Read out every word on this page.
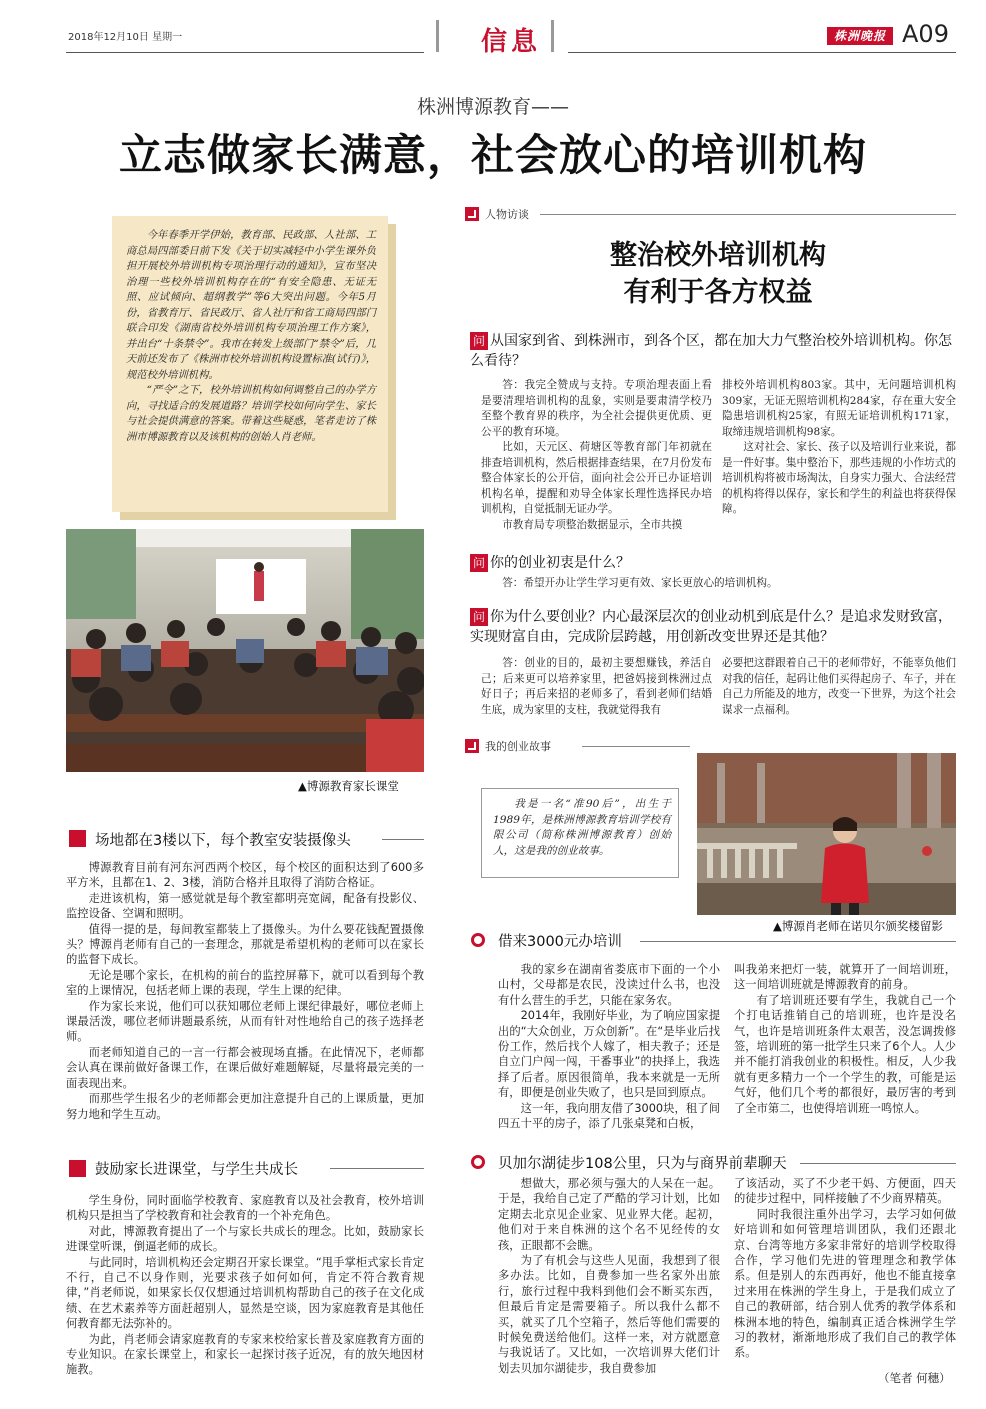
2018年12月10日 星期一	信息	株洲晚报 A09
株洲博源教育——
立志做家长满意，社会放心的培训机构

今年春季开学伊始，教育部、民政部、人社部、工商总局四部委日前下发《关于切实减轻中小学生课外负担开展校外培训机构专项治理行动的通知》，宣布坚决治理一些校外培训机构存在的“有安全隐患、无证无照、应试倾向、超纲教学”等6大突出问题。今年5月份，省教育厅、省民政厅、省人社厅和省工商局四部门联合印发《湖南省校外培训机构专项治理工作方案》，并出台“十条禁令”。我市在转发上级部门“禁令”后，几天前还发布了《株洲市校外培训机构设置标准(试行)》，规范校外培训机构。

“严令”之下，校外培训机构如何调整自己的办学方向，寻找适合的发展道路？培训学校如何向学生、家长与社会提供满意的答案。带着这些疑惑，笔者走访了株洲市博源教育以及该机构的创始人肖老师。

▲博源教育家长课堂
人物访谈
整治校外培训机构
有利于各方权益
问 从国家到省、到株洲市，到各个区，都在加大力气整治校外培训机构。你怎么看待？

答：我完全赞成与支持。专项治理表面上看是要清理培训机构的乱象，实则是要肃清学校乃至整个教育界的秩序，为全社会提供更优质、更公平的教育环境。

比如，天元区、荷塘区等教育部门年初就在排查培训机构，然后根据排查结果，在7月份发布整合体家长的公开信，面向社会公开已办证培训机构名单，提醒和劝导全体家长理性选择民办培训机构，自觉抵制无证办学。

市教育局专项整治数据显示，全市共摸

排校外培训机构803家。其中，无问题培训机构309家，无证无照培训机构284家，存在重大安全隐患培训机构25家，有照无证培训机构171家，取缔违规培训机构98家。

这对社会、家长、孩子以及培训行业来说，都是一件好事。集中整治下，那些违规的小作坊式的培训机构将被市场淘汰，自身实力强大、合法经营的机构将得以保存，家长和学生的利益也将获得保障。

问 你的创业初衷是什么？

答：希望开办让学生学习更有效、家长更放心的培训机构。

问 你为什么要创业？内心最深层次的创业动机到底是什么？是追求发财致富，实现财富自由，完成阶层跨越，用创新改变世界还是其他？

答：创业的目的，最初主要想赚钱，养活自己；后来更可以培养家里，把爸妈接到株洲过点好日子；再后来招的老师多了，看到老师们结婚生底，成为家里的支柱，我就觉得我有

必要把这群跟着自己干的老师带好，不能辜负他们对我的信任，起码让他们买得起房子、车子，并在自己力所能及的地方，改变一下世界，为这个社会谋求一点福利。

我的创业故事

我是一名“准90后”，出生于1989年，是株洲博源教育培训学校有限公司（简称株洲博源教育）创始人，这是我的创业故事。

▲博源肖老师在诺贝尔颁奖楼留影
场地都在3楼以下，每个教室安装摄像头

博源教育目前有河东河西两个校区，每个校区的面积达到了600多平方米，且都在1、2、3楼，消防合格并且取得了消防合格证。

走进该机构，第一感觉就是每个教室都明亮宽阔，配备有投影仪、监控设备、空调和照明。

值得一提的是，每间教室都装上了摄像头。为什么要花钱配置摄像头？博源肖老师有自己的一套理念，那就是希望机构的老师可以在家长的监督下成长。

无论是哪个家长，在机构的前台的监控屏幕下，就可以看到每个教室的上课情况，包括老师上课的表现，学生上课的纪律。

作为家长来说，他们可以获知哪位老师上课纪律最好，哪位老师上课最活泼，哪位老师讲题最系统，从而有针对性地给自己的孩子选择老师。

而老师知道自己的一言一行都会被现场直播。在此情况下，老师都会认真在课前做好备课工作，在课后做好难题解疑，尽量将最完美的一面表现出来。

而那些学生报名少的老师都会更加注意提升自己的上课质量，更加努力地和学生互动。

鼓励家长进课堂，与学生共成长

学生身份，同时面临学校教育、家庭教育以及社会教育，校外培训机构只是担当了学校教育和社会教育的一个补充角色。

对此，博源教育提出了一个与家长共成长的理念。比如，鼓励家长进课堂听课，倒逼老师的成长。

与此同时，培训机构还会定期召开家长课堂。“甩手掌柜式家长肯定不行，自己不以身作则，光要求孩子如何如何，肯定不符合教育规律，”肖老师说，如果家长仅仅想通过培训机构帮助自己的孩子在文化成绩、在艺术素养等方面赶超别人，显然是空谈，因为家庭教育是其他任何教育都无法弥补的。

为此，肖老师会请家庭教育的专家来校给家长普及家庭教育方面的专业知识。在家长课堂上，和家长一起探讨孩子近况，有的放矢地因材施教。

借来3000元办培训

我的家乡在湖南省娄底市下面的一个小山村，父母都是农民，没读过什么书，也没有什么营生的手艺，只能在家务农。

2014年，我刚好毕业，为了响应国家提出的“大众创业，万众创新”。在“是毕业后找份工作，然后找个人嫁了，相夫教子；还是自立门户闯一闯，干番事业”的抉择上，我选择了后者。原因很简单，我本来就是一无所有，即便是创业失败了，也只是回到原点。

这一年，我向朋友借了3000块，租了间四五十平的房子，添了几张桌凳和白板，

叫我弟来把灯一装，就算开了一间培训班，这一间培训班就是博源教育的前身。

有了培训班还要有学生，我就自己一个个打电话推销自己的培训班，也许是没名气，也许是培训班条件太艰苦，没怎调拨修签，培训班的第一批学生只来了6个人。人少并不能打消我创业的积极性。相反，人少我就有更多精力一个一个学生的教，可能是运气好，他们几个考的都很好，最厉害的考到了全市第二，也使得培训班一鸣惊人。

贝加尔湖徒步108公里，只为与商界前辈聊天

想做大，那必须与强大的人呆在一起。于是，我给自己定了严酷的学习计划，比如定期去北京见企业家、见业界大佬。起初，他们对于来自株洲的这个名不见经传的女孩，正眼都不会瞧。

为了有机会与这些人见面，我想到了很多办法。比如，自费参加一些名家外出旅行，旅行过程中我料到他们会不断买东西，但最后肯定是需要箱子。所以我什么都不买，就买了几个空箱子，然后等他们需要的时候免费送给他们。这样一来，对方就愿意与我说话了。又比如，一次培训界大佬们计划去贝加尔湖徒步，我自费参加

了该活动，买了不少老干妈、方便面，四天的徒步过程中，同样接触了不少商界精英。

同时我很注重外出学习，去学习如何做好培训和如何管理培训团队，我们还跟北京、台湾等地方多家非常好的培训学校取得合作，学习他们先进的管理理念和教学体系。但是别人的东西再好，他也不能直接拿过来用在株洲的学生身上，于是我们成立了自己的教研部，结合别人优秀的教学体系和株洲本地的特色，编制真正适合株洲学生学习的教材，渐渐地形成了我们自己的教学体系。

（笔者 何穗）
